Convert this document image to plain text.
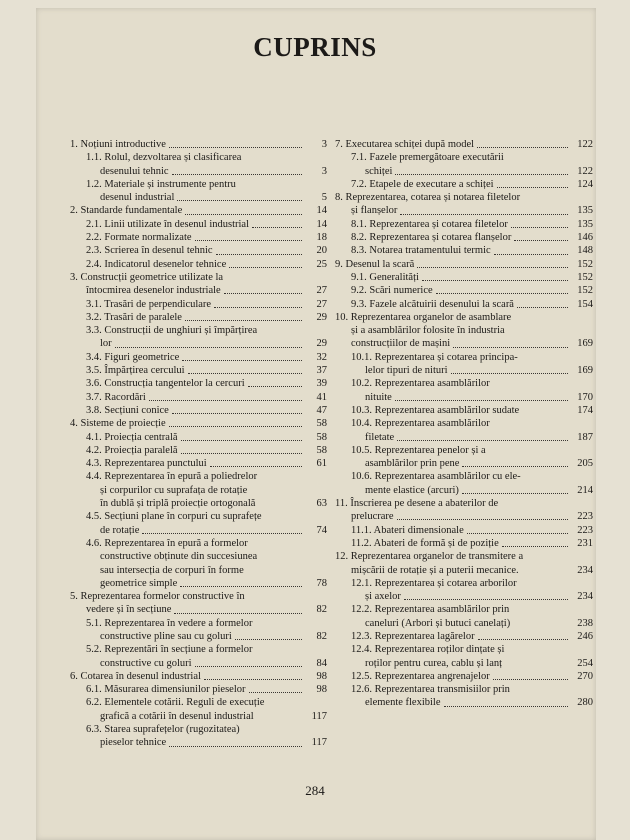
CUPRINS
1. Noțiuni introductive	3
1.1. Rolul, dezvoltarea și clasificarea
desenului tehnic	3
1.2. Materiale și instrumente pentru
desenul industrial	5
2. Standarde fundamentale	14
2.1. Linii utilizate în desenul industrial	14
2.2. Formate normalizate	18
2.3. Scrierea în desenul tehnic	20
2.4. Indicatorul desenelor tehnice	25
3. Construcții geometrice utilizate la
întocmirea desenelor industriale	27
3.1. Trasări de perpendiculare	27
3.2. Trasări de paralele	29
3.3. Construcții de unghiuri și împărțirea
lor	29
3.4. Figuri geometrice	32
3.5. Împărțirea cercului	37
3.6. Construcția tangentelor la cercuri	39
3.7. Racordări	41
3.8. Secțiuni conice	47
4. Sisteme de proiecție	58
4.1. Proiecția centrală	58
4.2. Proiecția paralelă	58
4.3. Reprezentarea punctului	61
4.4. Reprezentarea în epură a poliedrelor
și corpurilor cu suprafața de rotație
în dublă și triplă proiecție ortogonală	63
4.5. Secțiuni plane în corpuri cu suprafețe
de rotație	74
4.6. Reprezentarea în epură a formelor
constructive obținute din succesiunea
sau intersecția de corpuri în forme
geometrice simple	78
5. Reprezentarea formelor constructive în
vedere și în secțiune	82
5.1. Reprezentarea în vedere a formelor
constructive pline sau cu goluri	82
5.2. Reprezentări în secțiune a formelor
constructive cu goluri	84
6. Cotarea în desenul industrial	98
6.1. Măsurarea dimensiunilor pieselor	98
6.2. Elementele cotării. Reguli de execuție
grafică a cotării în desenul industrial	117
6.3. Starea suprafețelor (rugozitatea)
pieselor tehnice	117
7. Executarea schiței după model	122
7.1. Fazele premergătoare executării
schiței	122
7.2. Etapele de executare a schiței	124
8. Reprezentarea, cotarea și notarea filetelor
și flanșelor	135
8.1. Reprezentarea și cotarea filetelor	135
8.2. Reprezentarea și cotarea flanșelor	146
8.3. Notarea tratamentului termic	148
9. Desenul la scară	152
9.1. Generalități	152
9.2. Scări numerice	152
9.3. Fazele alcătuirii desenului la scară	154
10. Reprezentarea organelor de asamblare
și a asamblărilor folosite în industria
construcțiilor de mașini	169
10.1. Reprezentarea și cotarea principa-
lelor tipuri de nituri	169
10.2. Reprezentarea asamblărilor
nituite	170
10.3. Reprezentarea asamblărilor sudate	174
10.4. Reprezentarea asamblărilor
filetate	187
10.5. Reprezentarea penelor și a
asamblărilor prin pene	205
10.6. Reprezentarea asamblărilor cu ele-
mente elastice (arcuri)	214
11. Înscrierea pe desene a abaterilor de
prelucrare	223
11.1. Abateri dimensionale	223
11.2. Abateri de formă și de poziție	231
12. Reprezentarea organelor de transmitere a
mișcării de rotație și a puterii mecanice.	234
12.1. Reprezentarea și cotarea arborilor
și axelor	234
12.2. Reprezentarea asamblărilor prin
caneluri (Arbori și butuci canelați)	238
12.3. Reprezentarea lagărelor	246
12.4. Reprezentarea roților dințate și
roților pentru curea, cablu și lanț	254
12.5. Reprezentarea angrenajelor	270
12.6. Reprezentarea transmisiilor prin
elemente flexibile	280
284
